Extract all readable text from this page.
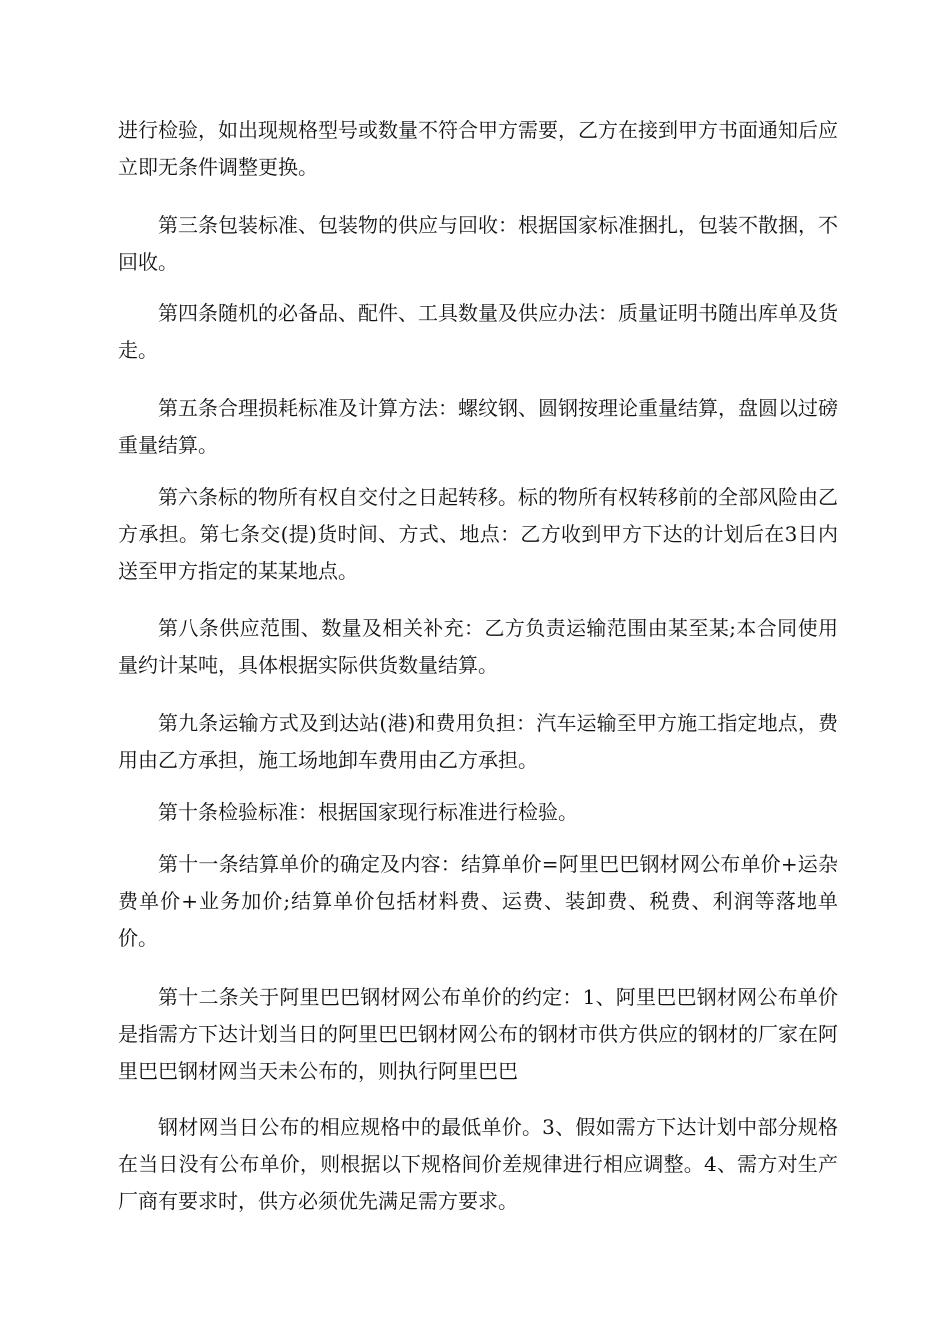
进行检验，如出现规格型号或数量不符合甲方需要，乙方在接到甲方书面通知后应立即无条件调整更换。

第三条包装标准、包装物的供应与回收：根据国家标准捆扎，包装不散捆，不回收。

第四条随机的必备品、配件、工具数量及供应办法：质量证明书随出库单及货走。

第五条合理损耗标准及计算方法：螺纹钢、圆钢按理论重量结算，盘圆以过磅重量结算。

第六条标的物所有权自交付之日起转移。标的物所有权转移前的全部风险由乙方承担。第七条交(提)货时间、方式、地点：乙方收到甲方下达的计划后在3日内送至甲方指定的某某地点。

第八条供应范围、数量及相关补充：乙方负责运输范围由某至某;本合同使用量约计某吨，具体根据实际供货数量结算。

第九条运输方式及到达站(港)和费用负担：汽车运输至甲方施工指定地点，费用由乙方承担，施工场地卸车费用由乙方承担。

第十条检验标准：根据国家现行标准进行检验。

第十一条结算单价的确定及内容：结算单价=阿里巴巴钢材网公布单价+运杂费单价+业务加价;结算单价包括材料费、运费、装卸费、税费、利润等落地单价。

第十二条关于阿里巴巴钢材网公布单价的约定：1、阿里巴巴钢材网公布单价是指需方下达计划当日的阿里巴巴钢材网公布的钢材市供方供应的钢材的厂家在阿里巴巴钢材网当天未公布的，则执行阿里巴巴

钢材网当日公布的相应规格中的最低单价。3、假如需方下达计划中部分规格在当日没有公布单价，则根据以下规格间价差规律进行相应调整。4、需方对生产厂商有要求时，供方必须优先满足需方要求。
